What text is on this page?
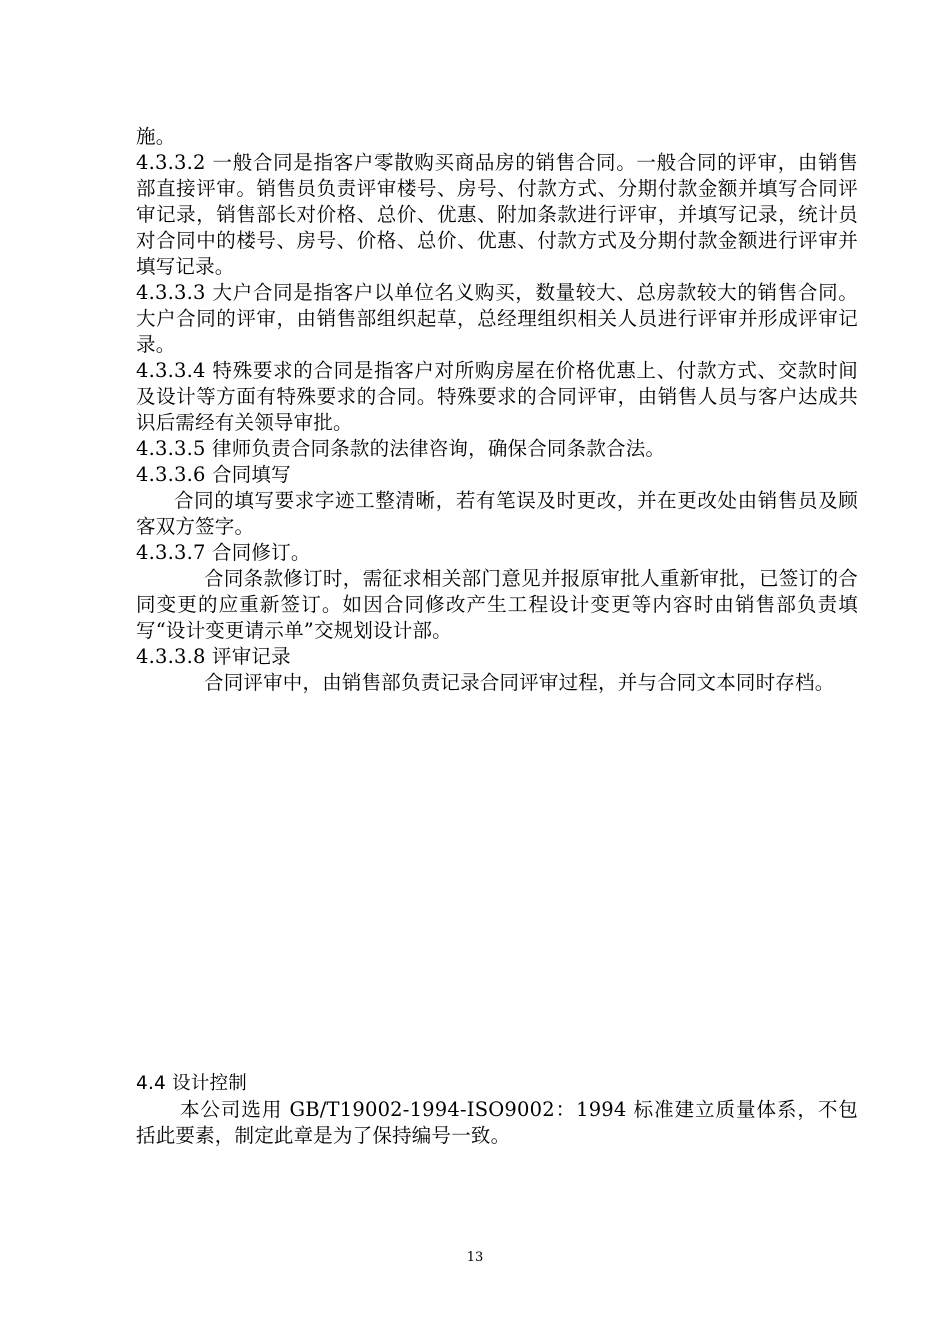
施。

4.3.3.2 一般合同是指客户零散购买商品房的销售合同。一般合同的评审，由销售部直接评审。销售员负责评审楼号、房号、付款方式、分期付款金额并填写合同评审记录，销售部长对价格、总价、优惠、附加条款进行评审，并填写记录，统计员对合同中的楼号、房号、价格、总价、优惠、付款方式及分期付款金额进行评审并填写记录。

4.3.3.3 大户合同是指客户以单位名义购买，数量较大、总房款较大的销售合同。大户合同的评审，由销售部组织起草，总经理组织相关人员进行评审并形成评审记录。

4.3.3.4 特殊要求的合同是指客户对所购房屋在价格优惠上、付款方式、交款时间及设计等方面有特殊要求的合同。特殊要求的合同评审，由销售人员与客户达成共识后需经有关领导审批。

4.3.3.5 律师负责合同条款的法律咨询，确保合同条款合法。

4.3.3.6 合同填写

合同的填写要求字迹工整清晰，若有笔误及时更改，并在更改处由销售员及顾客双方签字。

4.3.3.7 合同修订。

合同条款修订时，需征求相关部门意见并报原审批人重新审批，已签订的合同变更的应重新签订。如因合同修改产生工程设计变更等内容时由销售部负责填写“设计变更请示单”交规划设计部。

4.3.3.8 评审记录

合同评审中，由销售部负责记录合同评审过程，并与合同文本同时存档。

4.4 设计控制

本公司选用 GB/T19002-1994-ISO9002：1994 标准建立质量体系，不包括此要素，制定此章是为了保持编号一致。

13
